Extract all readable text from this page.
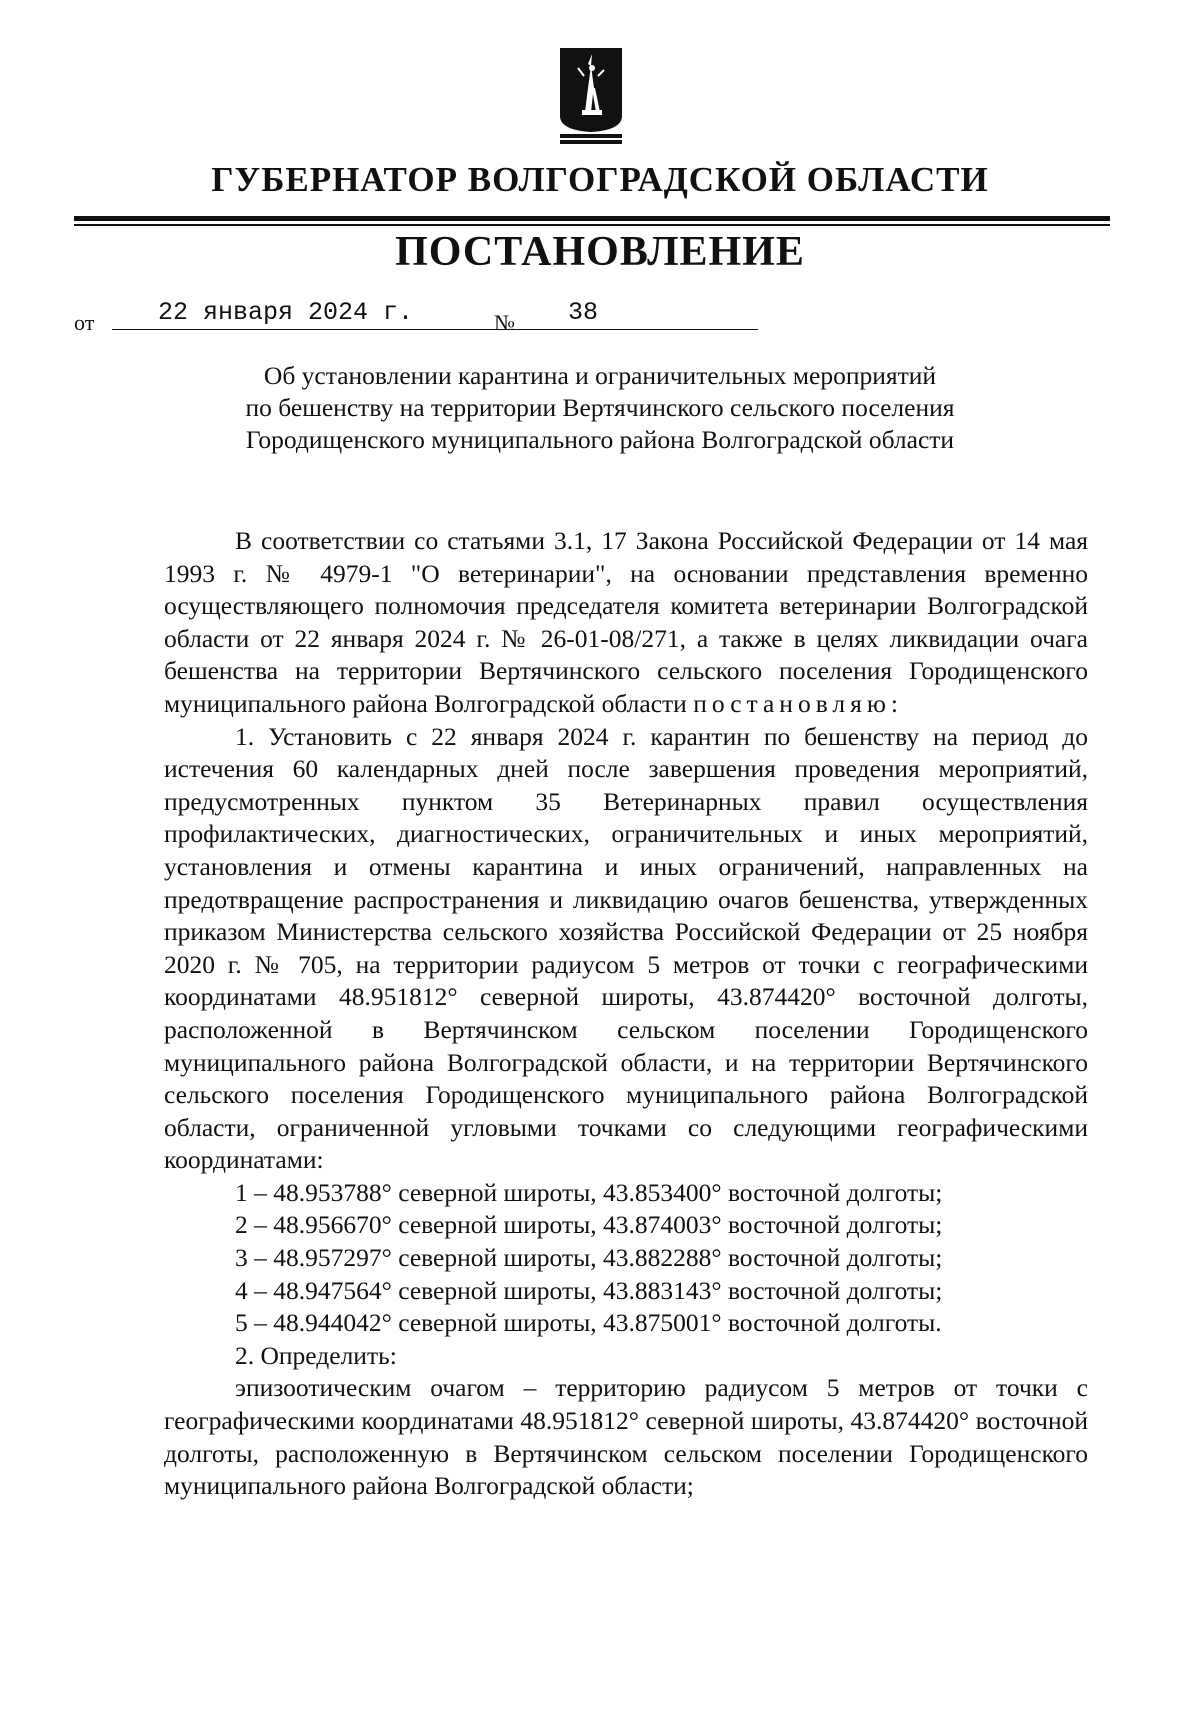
ГУБЕРНАТОР ВОЛГОГРАДСКОЙ ОБЛАСТИ
ПОСТАНОВЛЕНИЕ
от	22 января 2024 г.	№	38
Об установлении карантина и ограничительных мероприятий
по бешенству на территории Вертячинского сельского поселения
Городищенского муниципального района Волгоградской области

В соответствии со статьями 3.1, 17 Закона Российской Федерации от 14 мая 1993 г. № 4979-1 "О ветеринарии", на основании представления временно осуществляющего полномочия председателя комитета ветеринарии Волгоградской области от 22 января 2024 г. № 26-01-08/271, а также в целях ликвидации очага бешенства на территории Вертячинского сельского поселения Городищенского муниципального района Волгоградской области постановляю:

1. Установить с 22 января 2024 г. карантин по бешенству на период до истечения 60 календарных дней после завершения проведения мероприятий, предусмотренных пунктом 35 Ветеринарных правил осуществления профилактических, диагностических, ограничительных и иных мероприятий, установления и отмены карантина и иных ограничений, направленных на предотвращение распространения и ликвидацию очагов бешенства, утвержденных приказом Министерства сельского хозяйства Российской Федерации от 25 ноября 2020 г. № 705, на территории радиусом 5 метров от точки с географическими координатами 48.951812° северной широты, 43.874420° восточной долготы, расположенной в Вертячинском сельском поселении Городищенского муниципального района Волгоградской области, и на территории Вертячинского сельского поселения Городищенского муниципального района Волгоградской области, ограниченной угловыми точками со следующими географическими координатами:

1 – 48.953788° северной широты, 43.853400° восточной долготы;

2 – 48.956670° северной широты, 43.874003° восточной долготы;

3 – 48.957297° северной широты, 43.882288° восточной долготы;

4 – 48.947564° северной широты, 43.883143° восточной долготы;

5 – 48.944042° северной широты, 43.875001° восточной долготы.

2. Определить:

эпизоотическим очагом – территорию радиусом 5 метров от точки с географическими координатами 48.951812° северной широты, 43.874420° восточной долготы, расположенную в Вертячинском сельском поселении Городищенского муниципального района Волгоградской области;
